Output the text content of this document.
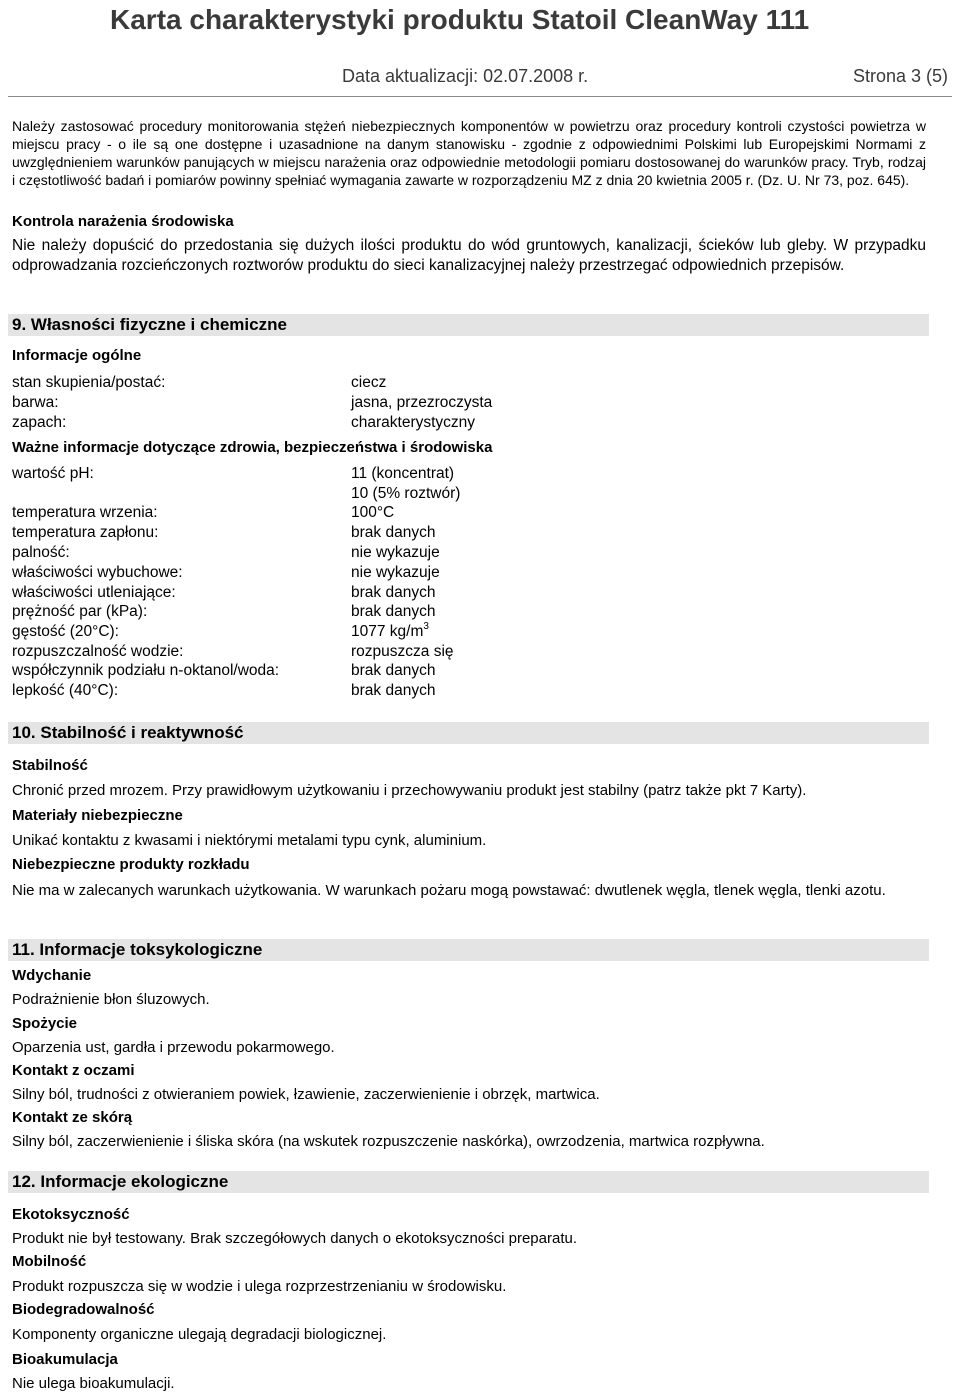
Karta charakterystyki produktu Statoil CleanWay 111
Data aktualizacji: 02.07.2008 r.	Strona 3 (5)
Należy zastosować procedury monitorowania stężeń niebezpiecznych komponentów w powietrzu oraz procedury kontroli czystości powietrza w miejscu pracy - o ile są one dostępne i uzasadnione na danym stanowisku - zgodnie z odpowiednimi Polskimi lub Europejskimi Normami z uwzględnieniem warunków panujących w miejscu narażenia oraz odpowiednie metodologii pomiaru dostosowanej do warunków pracy. Tryb, rodzaj i częstotliwość badań i pomiarów powinny spełniać wymagania zawarte w rozporządzeniu MZ z dnia 20 kwietnia 2005 r. (Dz. U. Nr 73, poz. 645).
Kontrola narażenia środowiska
Nie należy dopuścić do przedostania się dużych ilości produktu do wód gruntowych, kanalizacji, ścieków lub gleby. W przypadku odprowadzania rozcieńczonych roztworów produktu do sieci kanalizacyjnej należy przestrzegać odpowiednich przepisów.
9. Własności fizyczne i chemiczne
Informacje ogólne
stan skupienia/postać:	ciecz
barwa:	jasna, przezroczysta
zapach:	charakterystyczny
Ważne informacje dotyczące zdrowia, bezpieczeństwa i środowiska
wartość pH:	11 (koncentrat)
10 (5% roztwór)
temperatura wrzenia:	100°C
temperatura zapłonu:	brak danych
palność:	nie wykazuje
właściwości wybuchowe:	nie wykazuje
właściwości utleniające:	brak danych
prężność par (kPa):	brak danych
gęstość (20°C):	1077 $kg/m^3$
rozpuszczalność wodzie:	rozpuszcza się
współczynnik podziału n-oktanol/woda:	brak danych
lepkość (40°C):	brak danych
10. Stabilność i reaktywność
Stabilność
Chronić przed mrozem. Przy prawidłowym użytkowaniu i przechowywaniu produkt jest stabilny (patrz także pkt 7 Karty).
Materiały niebezpieczne
Unikać kontaktu z kwasami i niektórymi metalami typu cynk, aluminium.
Niebezpieczne produkty rozkładu
Nie ma w zalecanych warunkach użytkowania. W warunkach pożaru mogą powstawać: dwutlenek węgla, tlenek węgla, tlenki azotu.
11. Informacje toksykologiczne
Wdychanie
Podrażnienie błon śluzowych.
Spożycie
Oparzenia ust, gardła i przewodu pokarmowego.
Kontakt z oczami
Silny ból, trudności z otwieraniem powiek, łzawienie, zaczerwienienie i obrzęk, martwica.
Kontakt ze skórą
Silny ból, zaczerwienienie i śliska skóra (na wskutek rozpuszczenie naskórka), owrzodzenia, martwica rozpływna.
12. Informacje ekologiczne
Ekotoksyczność
Produkt nie był testowany. Brak szczegółowych danych o ekotoksyczności preparatu.
Mobilność
Produkt rozpuszcza się w wodzie i ulega rozprzestrzenianiu w środowisku.
Biodegradowalność
Komponenty organiczne ulegają degradacji biologicznej.
Bioakumulacja
Nie ulega bioakumulacji.
